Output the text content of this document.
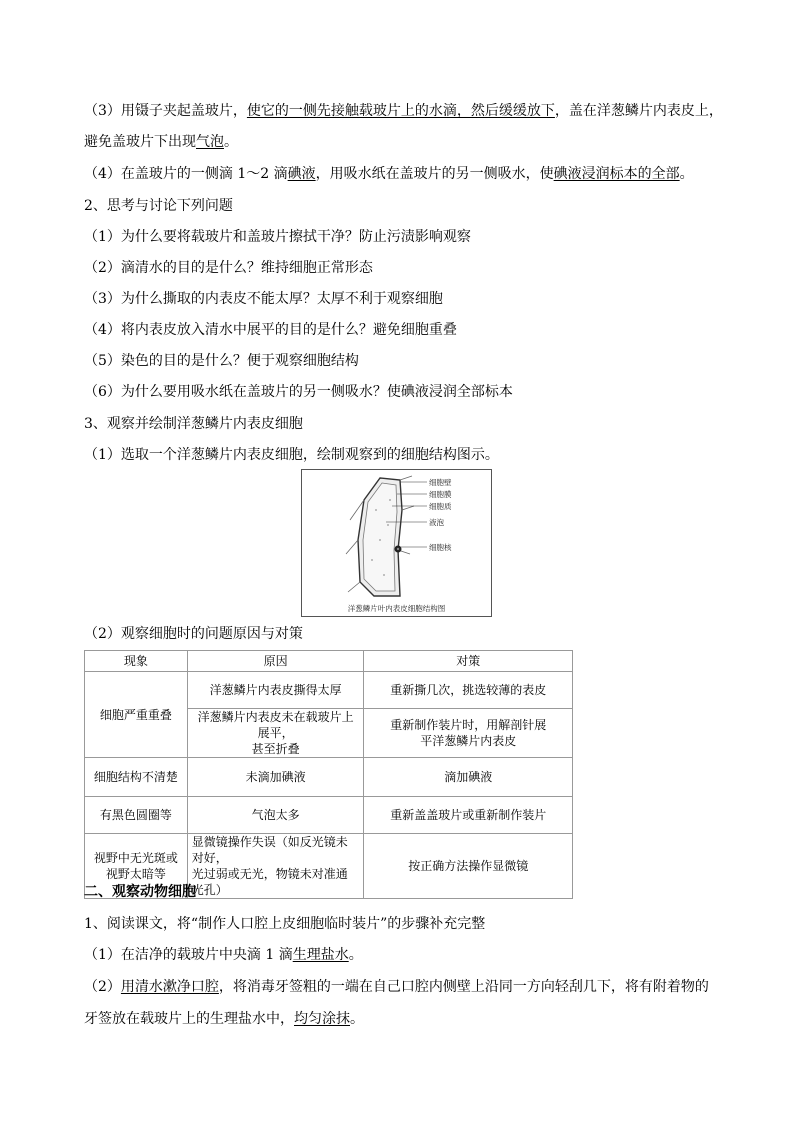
（3）用镊子夹起盖玻片，使它的一侧先接触载玻片上的水滴，然后缓缓放下，盖在洋葱鳞片内表皮上，
避免盖玻片下出现气泡。
（4）在盖玻片的一侧滴 1～2 滴碘液，用吸水纸在盖玻片的另一侧吸水，使碘液浸润标本的全部。
2、思考与讨论下列问题
（1）为什么要将载玻片和盖玻片擦拭干净？防止污渍影响观察
（2）滴清水的目的是什么？维持细胞正常形态
（3）为什么撕取的内表皮不能太厚？太厚不利于观察细胞
（4）将内表皮放入清水中展平的目的是什么？避免细胞重叠
（5）染色的目的是什么？便于观察细胞结构
（6）为什么要用吸水纸在盖玻片的另一侧吸水？使碘液浸润全部标本
3、观察并绘制洋葱鳞片内表皮细胞
（1）选取一个洋葱鳞片内表皮细胞，绘制观察到的细胞结构图示。
细胞壁
细胞膜
细胞质
液泡
细胞核
洋葱鳞片叶内表皮细胞结构图
（2）观察细胞时的问题原因与对策
现象	原因	对策
细胞严重重叠	洋葱鳞片内表皮撕得太厚	重新撕几次，挑选较薄的表皮
	洋葱鳞片内表皮未在载玻片上展平，
甚至折叠	重新制作装片时，用解剖针展
平洋葱鳞片内表皮
细胞结构不清楚	未滴加碘液	滴加碘液
有黑色圆圈等	气泡太多	重新盖盖玻片或重新制作装片
视野中无光斑或
视野太暗等	显微镜操作失误（如反光镜未对好，
光过弱或无光，物镜未对准通光孔）	按正确方法操作显微镜
二、观察动物细胞
1、阅读课文，将“制作人口腔上皮细胞临时装片”的步骤补充完整
（1）在洁净的载玻片中央滴 1 滴生理盐水。
（2）用清水漱净口腔，将消毒牙签粗的一端在自己口腔内侧壁上沿同一方向轻刮几下，将有附着物的
牙签放在载玻片上的生理盐水中，均匀涂抹。
